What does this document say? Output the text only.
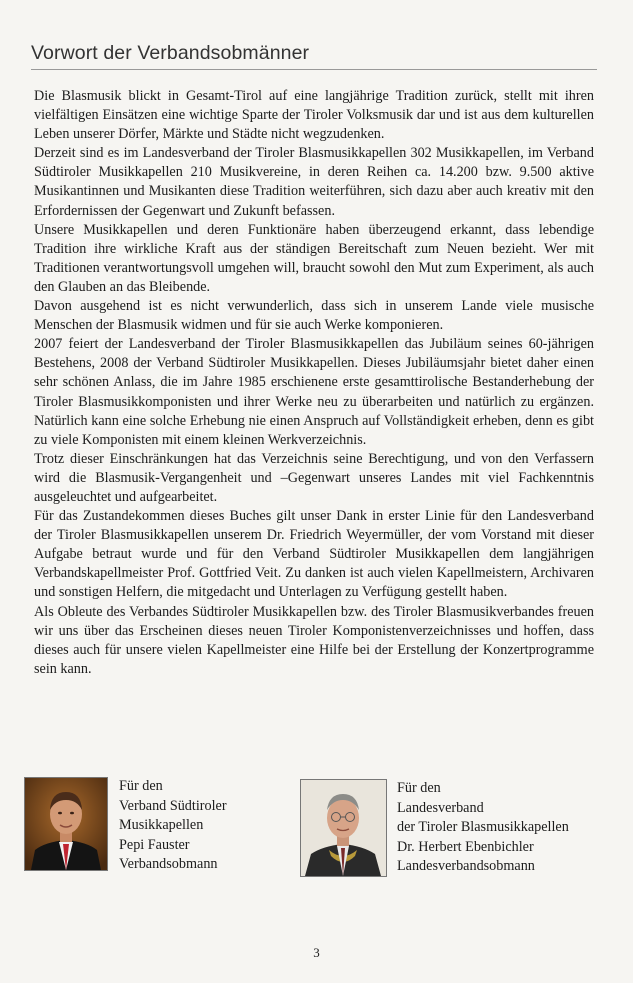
Vorwort der Verbandsobmänner

Die Blasmusik blickt in Gesamt-Tirol auf eine langjährige Tradition zurück, stellt mit ihren vielfältigen Einsätzen eine wichtige Sparte der Tiroler Volksmusik dar und ist aus dem kulturellen Leben unserer Dörfer, Märkte und Städte nicht wegzudenken.

Derzeit sind es im Landesverband der Tiroler Blasmusikkapellen 302 Musikkapellen, im Verband Südtiroler Musikkapellen 210 Musikvereine, in deren Reihen ca. 14.200 bzw. 9.500 aktive Musikantinnen und Musikanten diese Tradition weiterführen, sich dazu aber auch kreativ mit den Erfordernissen der Gegenwart und Zukunft befassen.

Unsere Musikkapellen und deren Funktionäre haben überzeugend erkannt, dass lebendige Tradition ihre wirkliche Kraft aus der ständigen Bereitschaft zum Neuen bezieht. Wer mit Traditionen verantwortungsvoll umgehen will, braucht sowohl den Mut zum Experiment, als auch den Glauben an das Bleibende.

Davon ausgehend ist es nicht verwunderlich, dass sich in unserem Lande viele musische Menschen der Blasmusik widmen und für sie auch Werke komponieren.

2007 feiert der Landesverband der Tiroler Blasmusikkapellen das Jubiläum seines 60-jährigen Bestehens, 2008 der Verband Südtiroler Musikkapellen. Dieses Jubiläumsjahr bietet daher einen sehr schönen Anlass, die im Jahre 1985 erschienene erste gesamttirolische Bestanderhebung der Tiroler Blasmusikkomponisten und ihrer Werke neu zu überarbeiten und natürlich zu ergänzen. Natürlich kann eine solche Erhebung nie einen Anspruch auf Vollständigkeit erheben, denn es gibt zu viele Komponisten mit einem kleinen Werkverzeichnis.

Trotz dieser Einschränkungen hat das Verzeichnis seine Berechtigung, und von den Verfassern wird die Blasmusik-Vergangenheit und –Gegenwart unseres Landes mit viel Fachkenntnis ausgeleuchtet und aufgearbeitet.

Für das Zustandekommen dieses Buches gilt unser Dank in erster Linie für den Landesverband der Tiroler Blasmusikkapellen unserem Dr. Friedrich Weyermüller, der vom Vorstand mit dieser Aufgabe betraut wurde und für den Verband Südtiroler Musikkapellen dem langjährigen Verbandskapellmeister Prof. Gottfried Veit. Zu danken ist auch vielen Kapellmeistern, Archivaren und sonstigen Helfern, die mitgedacht und Unterlagen zu Verfügung gestellt haben.

Als Obleute des Verbandes Südtiroler Musikkapellen bzw. des Tiroler Blasmusikverbandes freuen wir uns über das Erscheinen dieses neuen Tiroler Komponistenverzeichnisses und hoffen, dass dieses auch für unsere vielen Kapellmeister eine Hilfe bei der Erstellung der Konzertprogramme sein kann.

Für den
Verband Südtiroler
Musikkapellen
Pepi Fauster
Verbandsobmann
Für den
Landesverband
der Tiroler Blasmusikkapellen
Dr. Herbert Ebenbichler
Landesverbandsobmann
3
